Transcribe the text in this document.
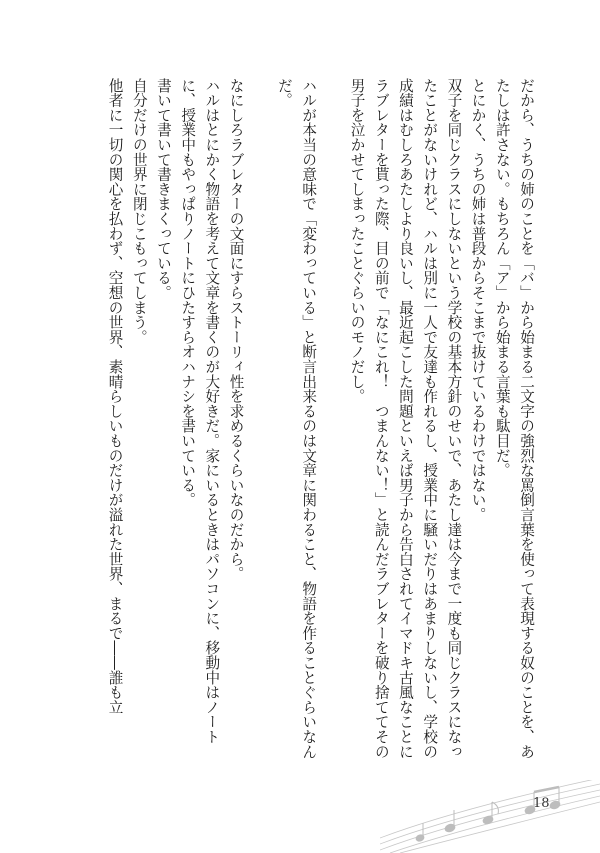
だから、うちの姉のことを「バ」から始まる二文字の強烈な罵倒言葉を使って表現する奴のことを、あたしは許さない。もちろん「ア」から始まる言葉も駄目だ。

とにかく、うちの姉は普段からそこまで抜けているわけではない。

双子を同じクラスにしないという学校の基本方針のせいで、あたし達は今まで一度も同じクラスになったことがないけれど、ハルは別に一人で友達も作れるし、授業中に騒いだりはあまりしないし、学校の成績はむしろあたしより良いし、最近起こした問題といえば男子から告白されてイマドキ古風なことにラブレターを貰った際、目の前で「なにこれ！　つまんない！」と読んだラブレターを破り捨ててその男子を泣かせてしまったことぐらいのモノだし。

ハルが本当の意味で「変わっている」と断言出来るのは文章に関わること、物語を作ることぐらいなんだ。

なにしろラブレターの文面にすらストーリィ性を求めるくらいなのだから。

ハルはとにかく物語を考えて文章を書くのが大好きだ。家にいるときはパソコンに、移動中はノートに、授業中もやっぱりノートにひたすらオハナシを書いている。

書いて書いて書きまくっている。

自分だけの世界に閉じこもってしまう。

他者に一切の関心を払わず、空想の世界、素晴らしいものだけが溢れた世界、まるで――誰も立

18
